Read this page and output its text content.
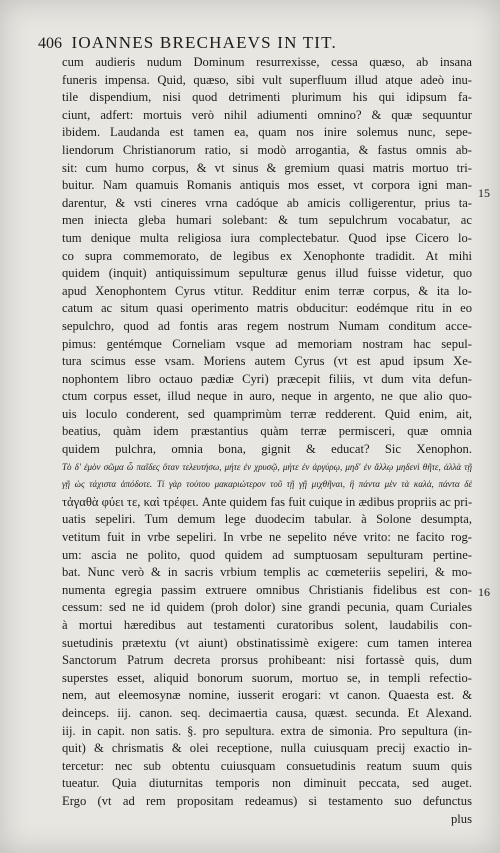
406 IOANNES BRECHAEVS IN TIT.
15
16
cum audieris nudum Dominum resurrexisse, cessa quæso, ab insana
funeris impensa. Quid, quæso, sibi vult superfluum illud atque adeò inu-
tile dispendium, nisi quod detrimenti plurimum his qui idipsum fa-
ciunt, adfert: mortuis verò nihil adiumenti omnino? & quæ sequuntur
ibidem. Laudanda est tamen ea, quam nos inire solemus nunc, sepe-
liendorum Christianorum ratio, si modò arrogantia, & fastus omnis ab-
sit: cum humo corpus, & vt sinus & gremium quasi matris mortuo tri-
buitur. Nam quamuis Romanis antiquis mos esset, vt corpora igni man-
darentur, & vsti cineres vrna cadóque ab amicis colligerentur, prius ta-
men iniecta gleba humari solebant: & tum sepulchrum vocabatur, ac
tum denique multa religiosa iura complectebatur. Quod ipse Cicero lo-
co supra commemorato, de legibus ex Xenophonte tradidit. At mihi
quidem (inquit) antiquissimum sepulturæ genus illud fuisse videtur, quo
apud Xenophontem Cyrus vtitur. Redditur enim terræ corpus, & ita lo-
catum ac situm quasi operimento matris obducitur: eodémque ritu in eo
sepulchro, quod ad fontis aras regem nostrum Numam conditum acce-
pimus: gentémque Corneliam vsque ad memoriam nostram hac sepul-
tura scimus esse vsam. Moriens autem Cyrus (vt est apud ipsum Xe-
nophontem libro octauo pædiæ Cyri) præcepit filiis, vt dum vita defun-
ctum corpus esset, illud neque in auro, neque in argento, ne que alio quo-
uis loculo conderent, sed quamprimùm terræ redderent. Quid enim, ait,
beatius, quàm idem præstantius quàm terræ permisceri, quæ omnia
quidem pulchra, omnia bona, gignit & educat? Sic Xenophon.
Τὸ δ' ἐμὸν σῶμα ὦ παῖδες ὅταν τελευτήσω, μήτε ἐν χρυσῷ, μήτε ἐν ἀργύρῳ, μηδ' ἐν ἄλλῳ μηδενὶ θῆτε, ἀλλὰ τῇ
γῇ ὡς τάχιστα ἀπόδοτε. Τί γὰρ τούτου μακαριώτερον τοῦ τῇ γῇ μιχθῆναι, ἣ πάντα μὲν τὰ καλὰ, πάντα δὲ
τἀγαθὰ φύει τε, καὶ τρέφει. Ante quidem fas fuit cuique in ædibus propriis ac pri-
uatis sepeliri. Tum demum lege duodecim tabular. à Solone desumpta,
vetitum fuit in vrbe sepeliri. In vrbe ne sepelito néve vrito: ne facito rog-
um: ascia ne polito, quod quidem ad sumptuosam sepulturam pertine-
bat. Nunc verò & in sacris vrbium templis ac cœmeteriis sepeliri, & mo-
numenta egregia passim extruere omnibus Christianis fidelibus est con-
cessum: sed ne id quidem (proh dolor) sine grandi pecunia, quam Curiales
à mortui hæredibus aut testamenti curatoribus solent, laudabilis con-
suetudinis prætextu (vt aiunt) obstinatissimè exigere: cum tamen interea
Sanctorum Patrum decreta prorsus prohibeant: nisi fortassè quis, dum
superstes esset, aliquid bonorum suorum, mortuo se, in templi refectio-
nem, aut eleemosynæ nomine, iusserit erogari: vt canon. Quaesta est. &
deinceps. iij. canon. seq. decimaertia causa, quæst. secunda. Et Alexand.
iij. in capit. non satis. §. pro sepultura. extra de simonia. Pro sepultura (in-
quit) & chrismatis & olei receptione, nulla cuiusquam precij exactio in-
tercetur: nec sub obtentu cuiusquam consuetudinis reatum suum quis
tueatur. Quia diuturnitas temporis non diminuit peccata, sed auget.
Ergo (vt ad rem propositam redeamus) si testamento suo defunctus
plus
